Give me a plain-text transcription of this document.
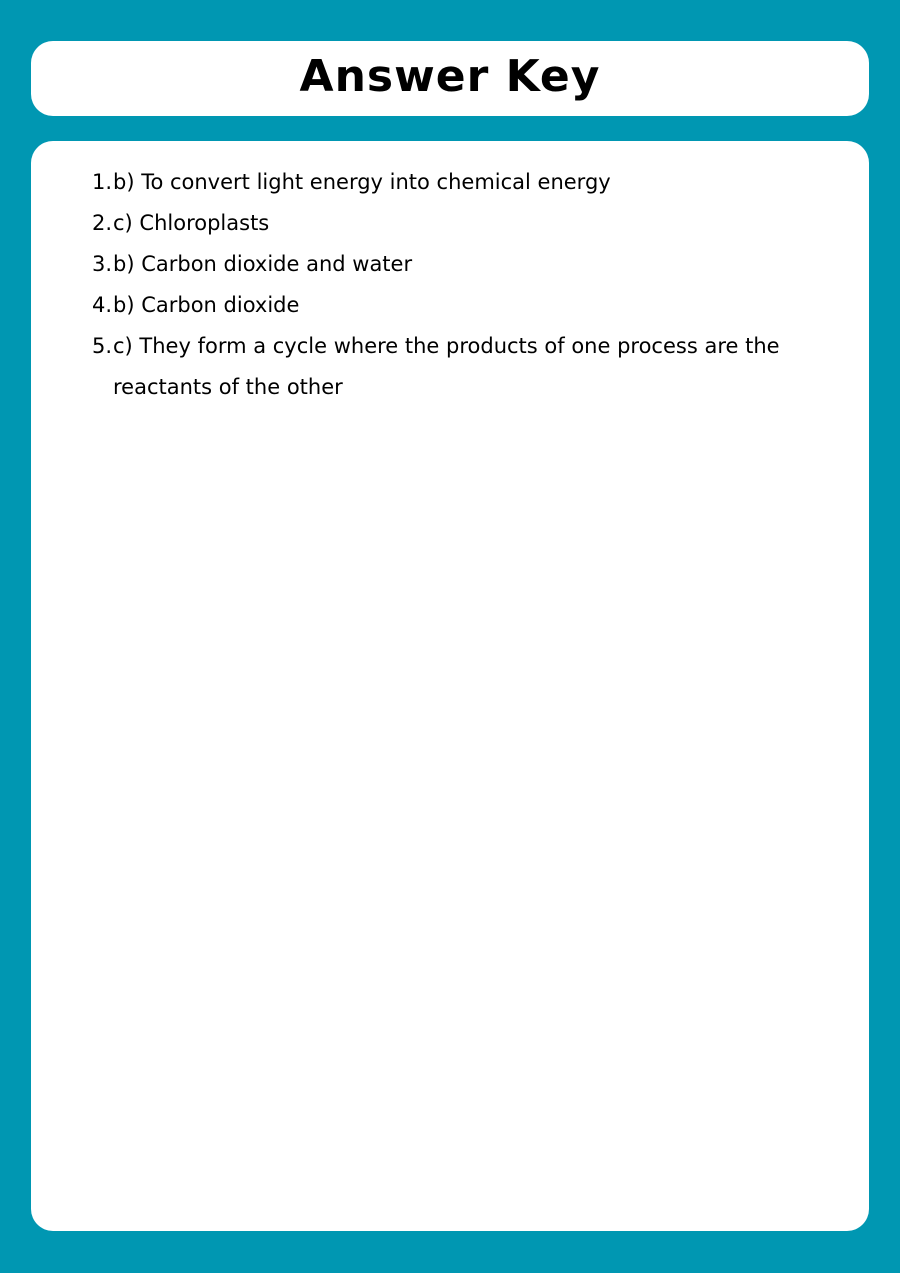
Answer Key
1. b) To convert light energy into chemical energy
2. c) Chloroplasts
3. b) Carbon dioxide and water
4. b) Carbon dioxide
5. c) They form a cycle where the products of one process are the reactants of the other
